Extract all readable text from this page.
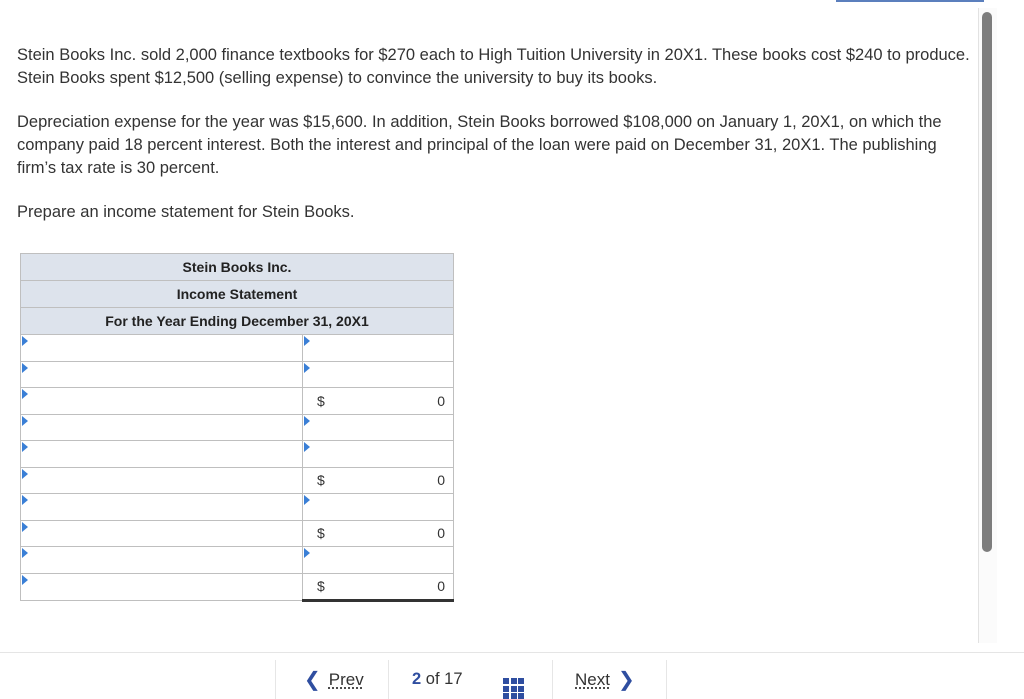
Stein Books Inc. sold 2,000 finance textbooks for $270 each to High Tuition University in 20X1. These books cost $240 to produce. Stein Books spent $12,500 (selling expense) to convince the university to buy its books.

Depreciation expense for the year was $15,600. In addition, Stein Books borrowed $108,000 on January 1, 20X1, on which the company paid 18 percent interest. Both the interest and principal of the loan were paid on December 31, 20X1. The publishing firm’s tax rate is 30 percent.

Prepare an income statement for Stein Books.

Stein Books Inc.	
Income Statement	
For the Year Ending December 31, 20X1	

	$ 0

	$ 0

	$ 0

	$ 0
❮ Prev	2 of 17	Next ❯
